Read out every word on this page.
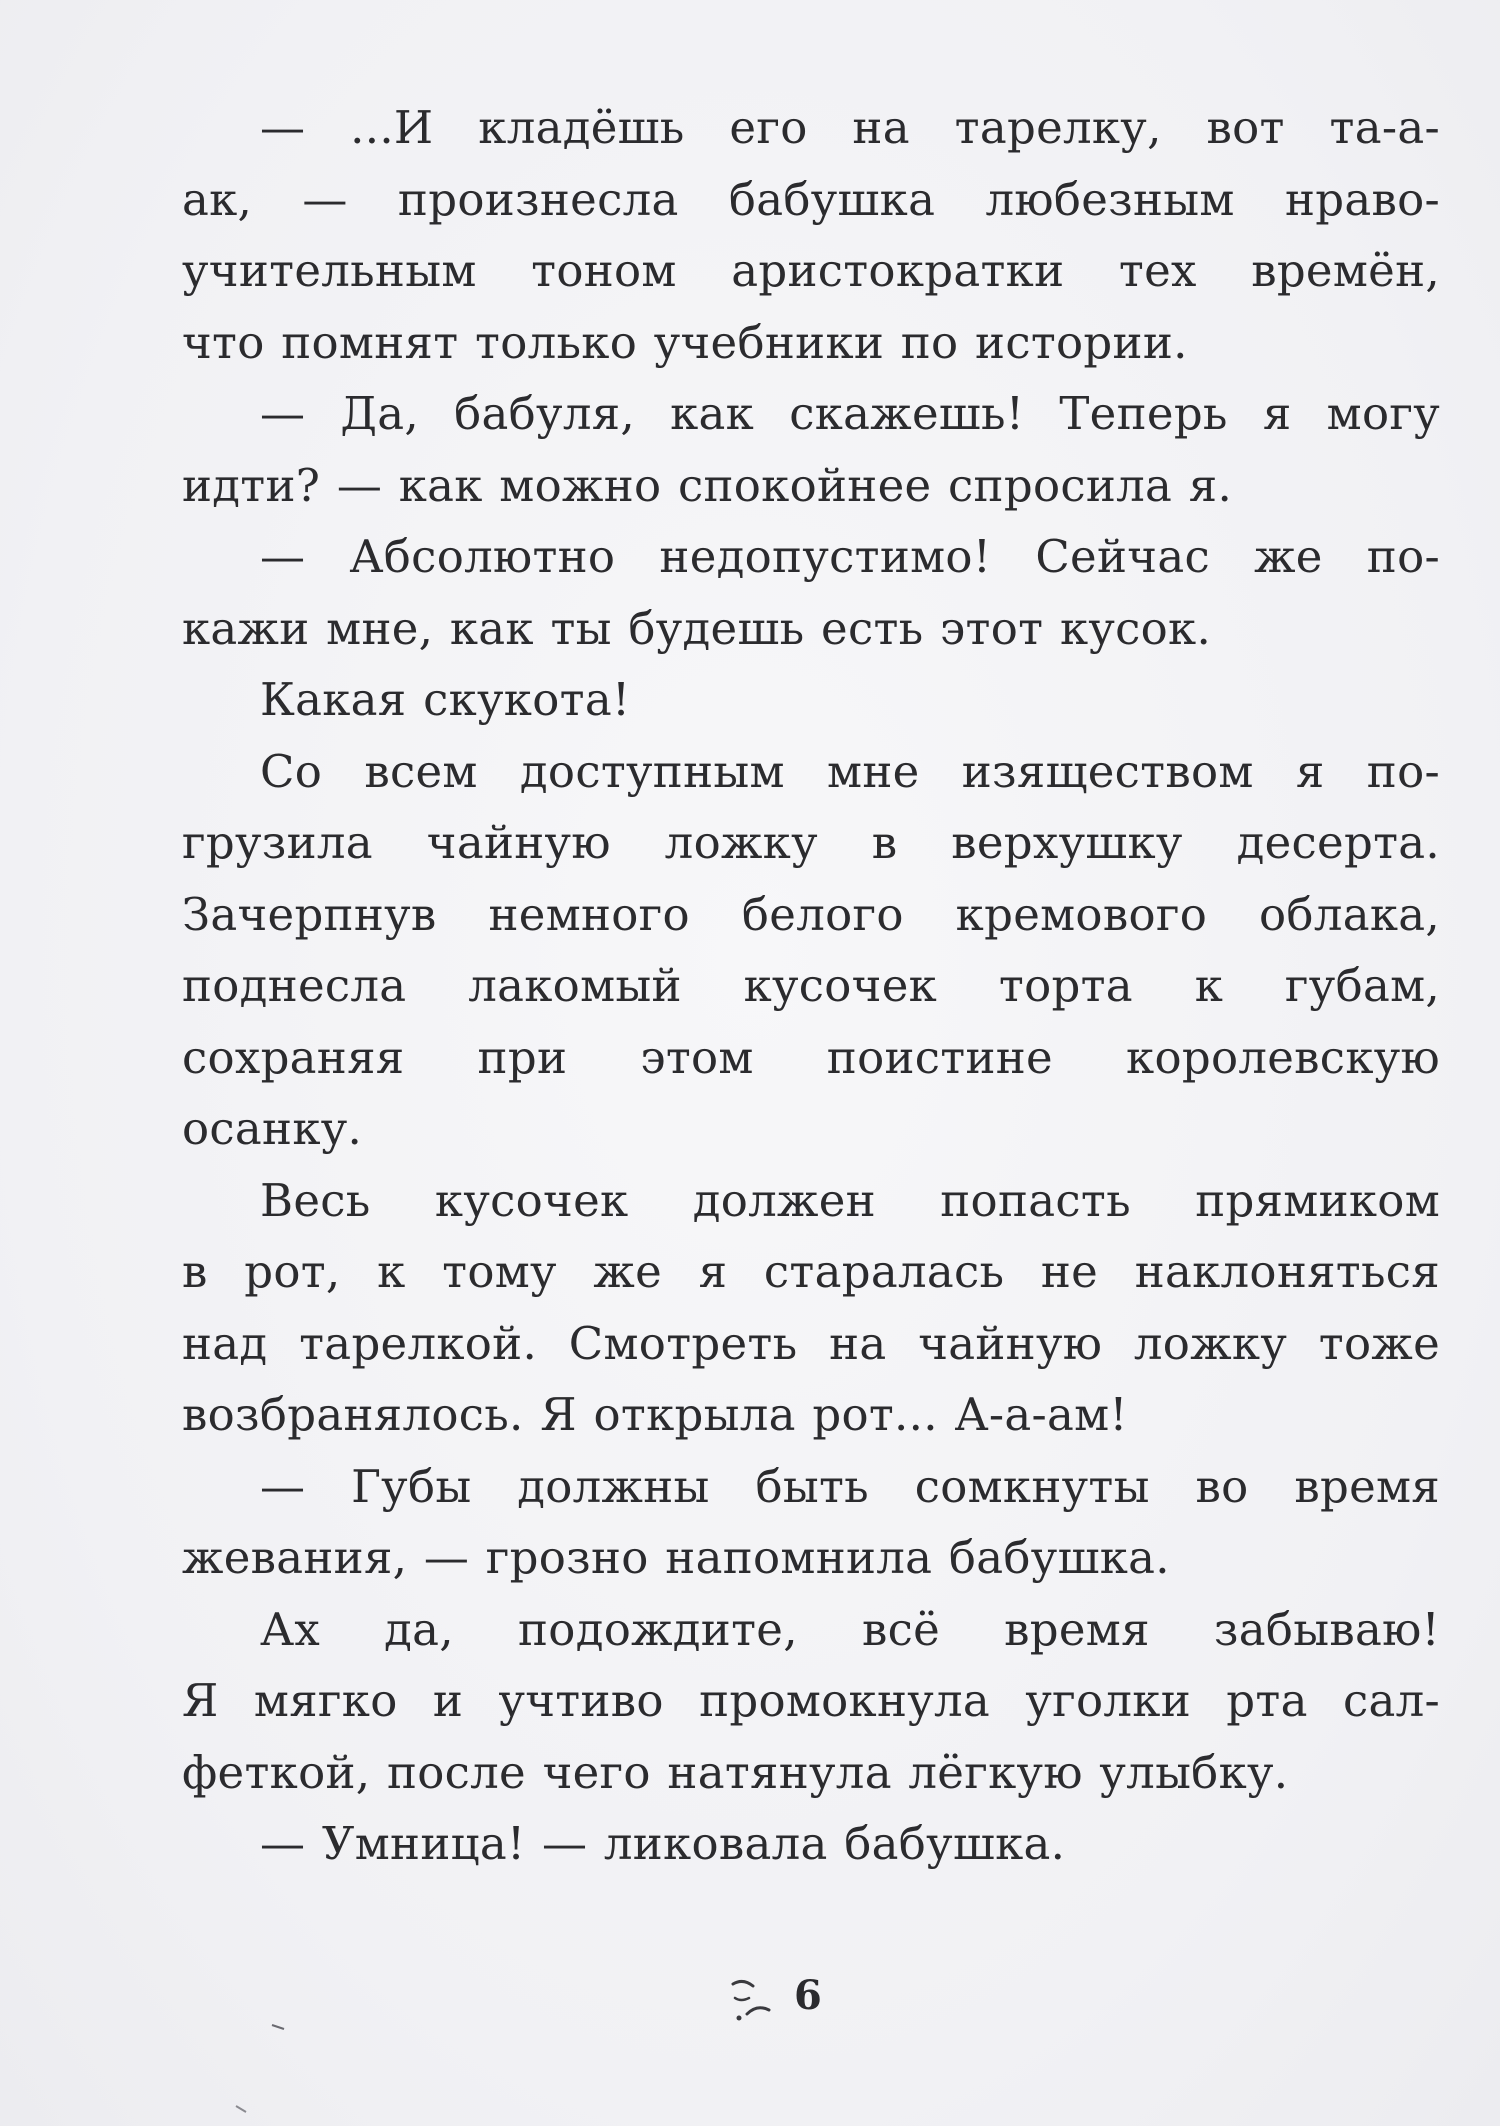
— ...И кладёшь его на тарелку, вот та-а-
ак, — произнесла бабушка любезным нраво-
учительным тоном аристократки тех времён,
что помнят только учебники по истории.

— Да, бабуля, как скажешь! Теперь я могу
идти? — как можно спокойнее спросила я.

— Абсолютно недопустимо! Сейчас же по-
кажи мне, как ты будешь есть этот кусок.

Какая скукота!

Со всем доступным мне изяществом я по-
грузила чайную ложку в верхушку десерта.
Зачерпнув немного белого кремового облака,
поднесла лакомый кусочек торта к губам,
сохраняя при этом поистине королевскую
осанку.

Весь кусочек должен попасть прямиком
в рот, к тому же я старалась не наклоняться
над тарелкой. Смотреть на чайную ложку тоже
возбранялось. Я открыла рот... А-а-ам!

— Губы должны быть сомкнуты во время
жевания, — грозно напомнила бабушка.

Ах да, подождите, всё время забываю!
Я мягко и учтиво промокнула уголки рта сал-
феткой, после чего натянула лёгкую улыбку.

— Умница! — ликовала бабушка.

6
